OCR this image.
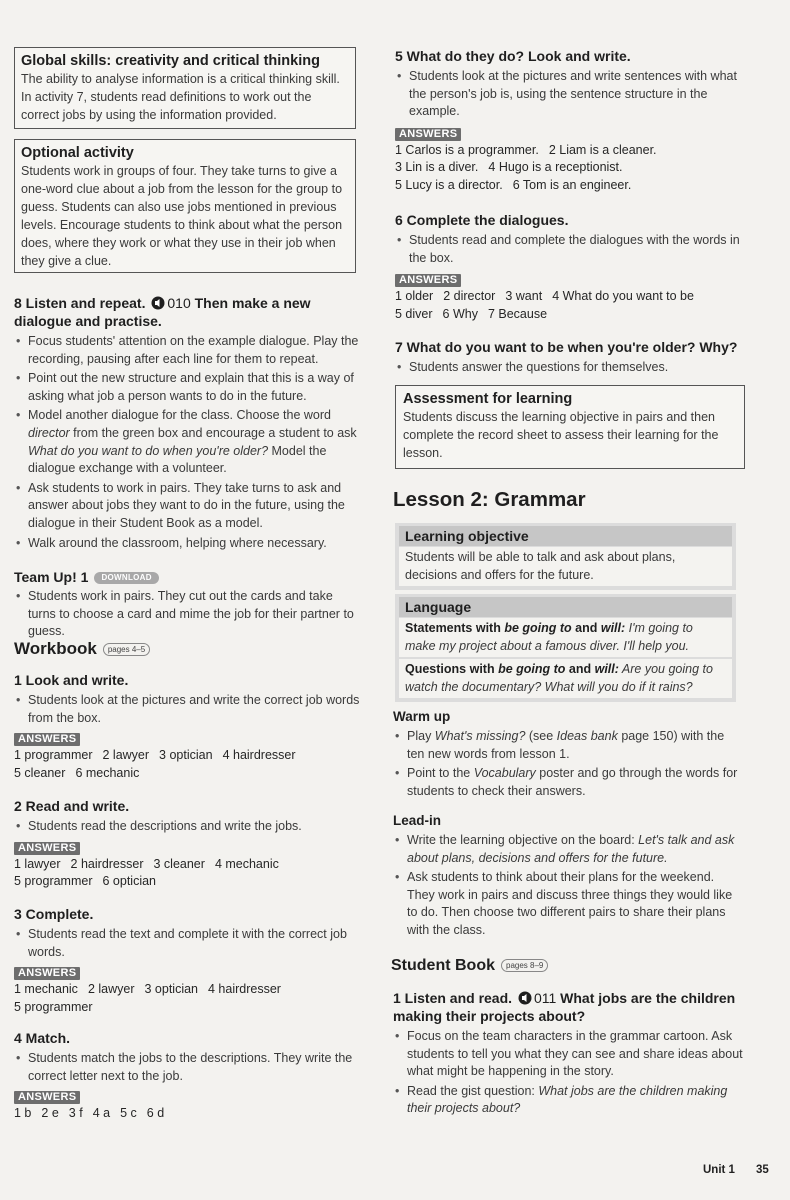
Global skills: creativity and critical thinking

The ability to analyse information is a critical thinking skill. In activity 7, students read definitions to work out the correct jobs by using the information provided.

Optional activity

Students work in groups of four. They take turns to give a one-word clue about a job from the lesson for the group to guess. Students can also use jobs mentioned in previous levels. Encourage students to think about what the person does, where they work or what they use in their job when they give a clue.

8 Listen and repeat. 010 Then make a new dialogue and practise.
• Focus students' attention on the example dialogue. Play the recording, pausing after each line for them to repeat.
• Point out the new structure and explain that this is a way of asking what job a person wants to do in the future.
• Model another dialogue for the class. Choose the word director from the green box and encourage a student to ask What do you want to do when you're older? Model the dialogue exchange with a volunteer.
• Ask students to work in pairs. They take turns to ask and answer about jobs they want to do in the future, using the dialogue in their Student Book as a model.
• Walk around the classroom, helping where necessary.
Team Up! 1 DOWNLOAD
• Students work in pairs. They cut out the cards and take turns to choose a card and mime the job for their partner to guess.
Workbook pages 4–5
1 Look and write.
• Students look at the pictures and write the correct job words from the box.
ANSWERS
1 programmer 2 lawyer 3 optician 4 hairdresser
5 cleaner 6 mechanic
2 Read and write.
• Students read the descriptions and write the jobs.
ANSWERS
1 lawyer 2 hairdresser 3 cleaner 4 mechanic
5 programmer 6 optician
3 Complete.
• Students read the text and complete it with the correct job words.
ANSWERS
1 mechanic 2 lawyer 3 optician 4 hairdresser
5 programmer
4 Match.
• Students match the jobs to the descriptions. They write the correct letter next to the job.
ANSWERS
1 b 2 e 3 f 4 a 5 c 6 d
5 What do they do? Look and write.
• Students look at the pictures and write sentences with what the person's job is, using the sentence structure in the example.
ANSWERS
1 Carlos is a programmer. 2 Liam is a cleaner.
3 Lin is a diver. 4 Hugo is a receptionist.
5 Lucy is a director. 6 Tom is an engineer.
6 Complete the dialogues.
• Students read and complete the dialogues with the words in the box.
ANSWERS
1 older 2 director 3 want 4 What do you want to be
5 diver 6 Why 7 Because
7 What do you want to be when you're older? Why?
• Students answer the questions for themselves.

Assessment for learning

Students discuss the learning objective in pairs and then complete the record sheet to assess their learning for the lesson.

Lesson 2: Grammar
Learning objective
Students will be able to talk and ask about plans, decisions and offers for the future.
Language
Statements with be going to and will: I'm going to make my project about a famous diver. I'll help you.
Questions with be going to and will: Are you going to watch the documentary? What will you do if it rains?
Warm up
• Play What's missing? (see Ideas bank page 150) with the ten new words from lesson 1.
• Point to the Vocabulary poster and go through the words for students to check their answers.
Lead-in
• Write the learning objective on the board: Let's talk and ask about plans, decisions and offers for the future.
• Ask students to think about their plans for the weekend. They work in pairs and discuss three things they would like to do. Then choose two different pairs to share their plans with the class.
Student Book pages 8–9
1 Listen and read. 011 What jobs are the children making their projects about?
• Focus on the team characters in the grammar cartoon. Ask students to tell you what they can see and share ideas about what might be happening in the story.
• Read the gist question: What jobs are the children making their projects about?
Unit 1 35
